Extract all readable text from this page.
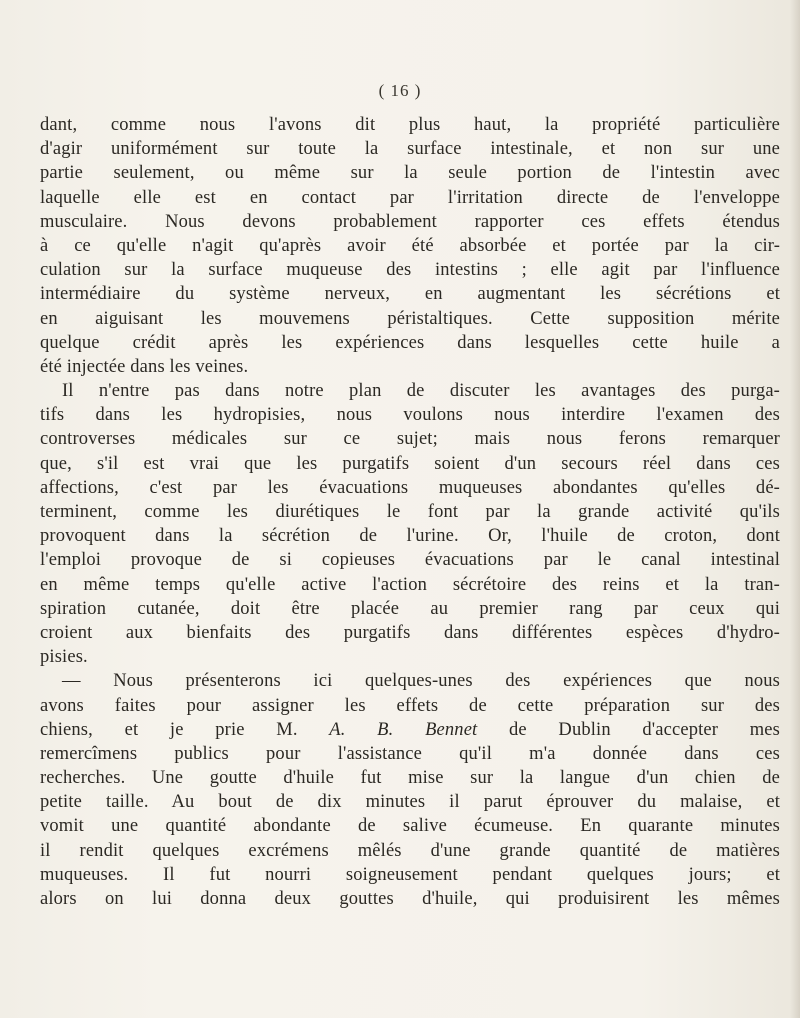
( 16 )
dant, comme nous l'avons dit plus haut, la propriété particulière
d'agir uniformément sur toute la surface intestinale, et non sur une
partie seulement, ou même sur la seule portion de l'intestin avec
laquelle elle est en contact par l'irritation directe de l'enveloppe
musculaire. Nous devons probablement rapporter ces effets étendus
à ce qu'elle n'agit qu'après avoir été absorbée et portée par la cir-
culation sur la surface muqueuse des intestins ; elle agit par l'influence
intermédiaire du système nerveux, en augmentant les sécrétions et
en aiguisant les mouvemens péristaltiques. Cette supposition mérite
quelque crédit après les expériences dans lesquelles cette huile a
été injectée dans les veines.
Il n'entre pas dans notre plan de discuter les avantages des purga-
tifs dans les hydropisies, nous voulons nous interdire l'examen des
controverses médicales sur ce sujet; mais nous ferons remarquer
que, s'il est vrai que les purgatifs soient d'un secours réel dans ces
affections, c'est par les évacuations muqueuses abondantes qu'elles dé-
terminent, comme les diurétiques le font par la grande activité qu'ils
provoquent dans la sécrétion de l'urine. Or, l'huile de croton, dont
l'emploi provoque de si copieuses évacuations par le canal intestinal
en même temps qu'elle active l'action sécrétoire des reins et la tran-
spiration cutanée, doit être placée au premier rang par ceux qui
croient aux bienfaits des purgatifs dans différentes espèces d'hydro-
pisies.
— Nous présenterons ici quelques-unes des expériences que nous
avons faites pour assigner les effets de cette préparation sur des
chiens, et je prie M. A. B. Bennet de Dublin d'accepter mes
remercîmens publics pour l'assistance qu'il m'a donnée dans ces
recherches. Une goutte d'huile fut mise sur la langue d'un chien de
petite taille. Au bout de dix minutes il parut éprouver du malaise, et
vomit une quantité abondante de salive écumeuse. En quarante minutes
il rendit quelques excrémens mêlés d'une grande quantité de matières
muqueuses. Il fut nourri soigneusement pendant quelques jours; et
alors on lui donna deux gouttes d'huile, qui produisirent les mêmes
